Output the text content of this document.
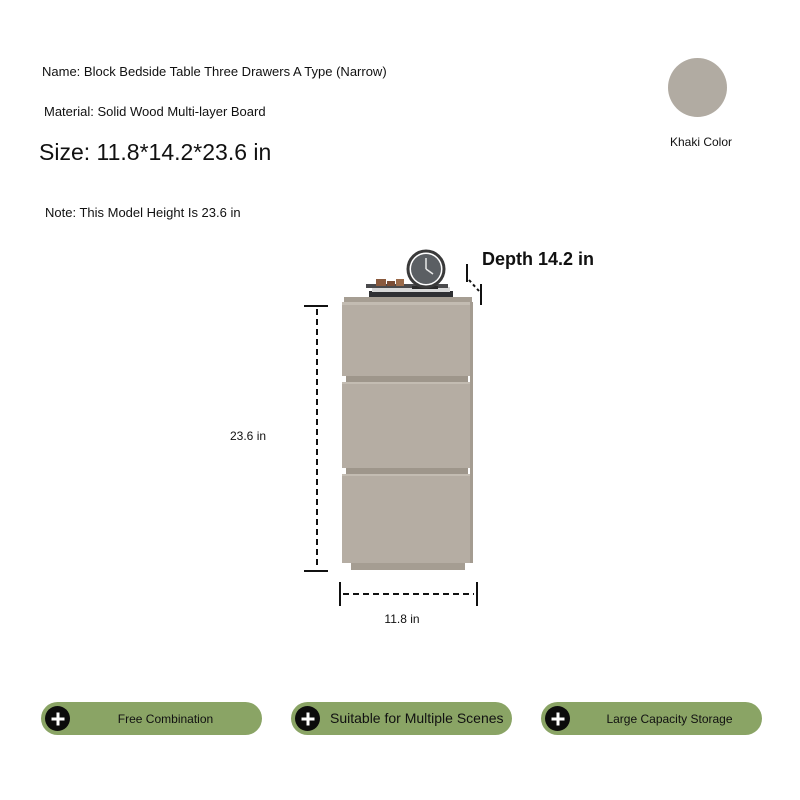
Name: Block Bedside Table Three Drawers A Type (Narrow)
Material: Solid Wood Multi-layer Board
Size: 11.8*14.2*23.6 in
Note: This Model Height Is 23.6 in
Khaki Color
23.6 in
11.8 in
Depth 14.2 in
Free Combination	Suitable for Multiple Scenes	Large Capacity Storage
